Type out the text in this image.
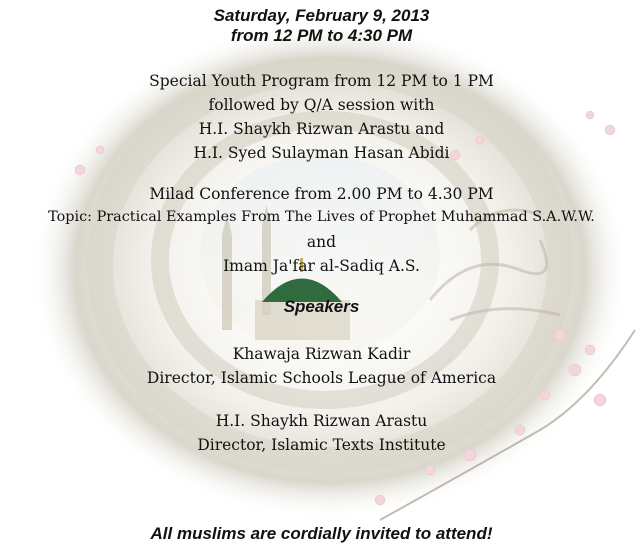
Saturday, February 9, 2013
from 12 PM to 4:30 PM
Special Youth Program from 12 PM to 1 PM
followed by Q/A session with
H.I. Shaykh Rizwan Arastu and
H.I. Syed Sulayman Hasan Abidi
Milad Conference from 2.00 PM to 4.30 PM
Topic: Practical Examples From The Lives of Prophet Muhammad S.A.W.W.
and
Imam Ja'far al-Sadiq A.S.
Speakers
Khawaja Rizwan Kadir
Director, Islamic Schools League of America
H.I. Shaykh Rizwan Arastu
Director, Islamic Texts Institute
All muslims are cordially invited to attend!
